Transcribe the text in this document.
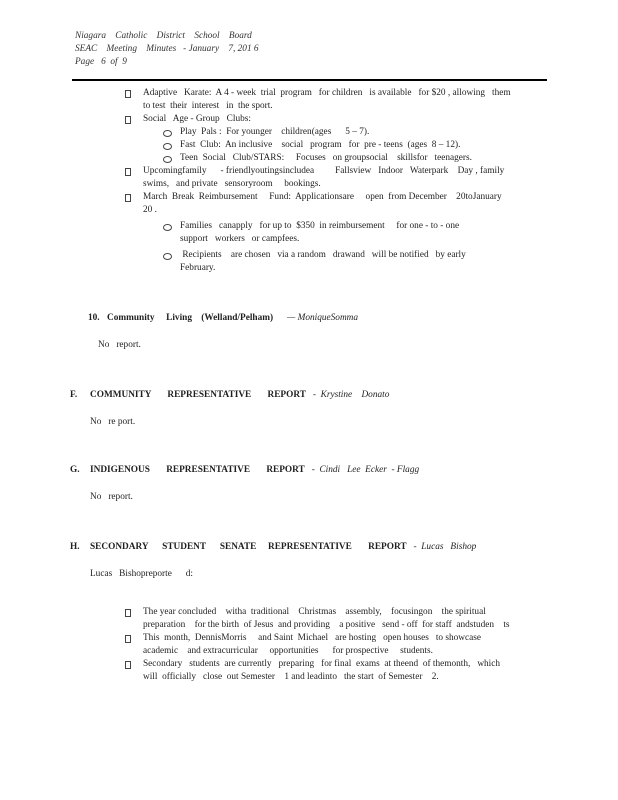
Niagara    Catholic    District    School    Board
SEAC    Meeting    Minutes   - January    7, 201 6
Page   6  of  9
Adaptive   Karate:  A 4 - week  trial  program   for children   is available   for $20 , allowing   them
to test  their  interest   in  the sport.
Social   Age - Group   Clubs:
Play  Pals :  For younger    children(ages      5 – 7).
Fast  Club:  An inclusive    social   program   for  pre - teens  (ages  8 – 12).
Teen  Social   Club/STARS:     Focuses   on groupsocial    skillsfor   teenagers.
Upcomingfamily      - friendlyoutingsincludea         Fallsview   Indoor   Waterpark    Day , family
swims,   and private   sensoryroom     bookings.
March  Break  Reimbursement     Fund:  Applicationsare     open  from December    20toJanuary
20 .
Families   canapply   for up to  $350  in reimbursement     for one - to - one
support   workers   or campfees.
Recipients    are chosen   via a random   drawand   will be notified   by early
February.
10. Community     Living    (Welland/Pelham) — MoniqueSomma
No   report.
F.	COMMUNITY       REPRESENTATIVE       REPORT -  Krystine    Donato
No   re port.
G.	INDIGENOUS       REPRESENTATIVE       REPORT -  Cindi   Lee  Ecker  - Flagg
No   report.
H.	SECONDARY      STUDENT      SENATE     REPRESENTATIVE       REPORT -  Lucas   Bishop
Lucas   Bishopreporte      d:
The year concluded    witha  traditional    Christmas    assembly,    focusingon    the spiritual
preparation    for the birth  of Jesus  and providing    a positive   send - off  for staff  andstuden    ts
This  month,  DennisMorris     and Saint  Michael   are hosting   open houses   to showcase
academic    and extracurricular     opportunities      for prospective     students.
Secondary   students  are currently   preparing   for final  exams  at theend  of themonth,   which
will  officially   close  out Semester    1 and leadinto   the start  of Semester    2.
